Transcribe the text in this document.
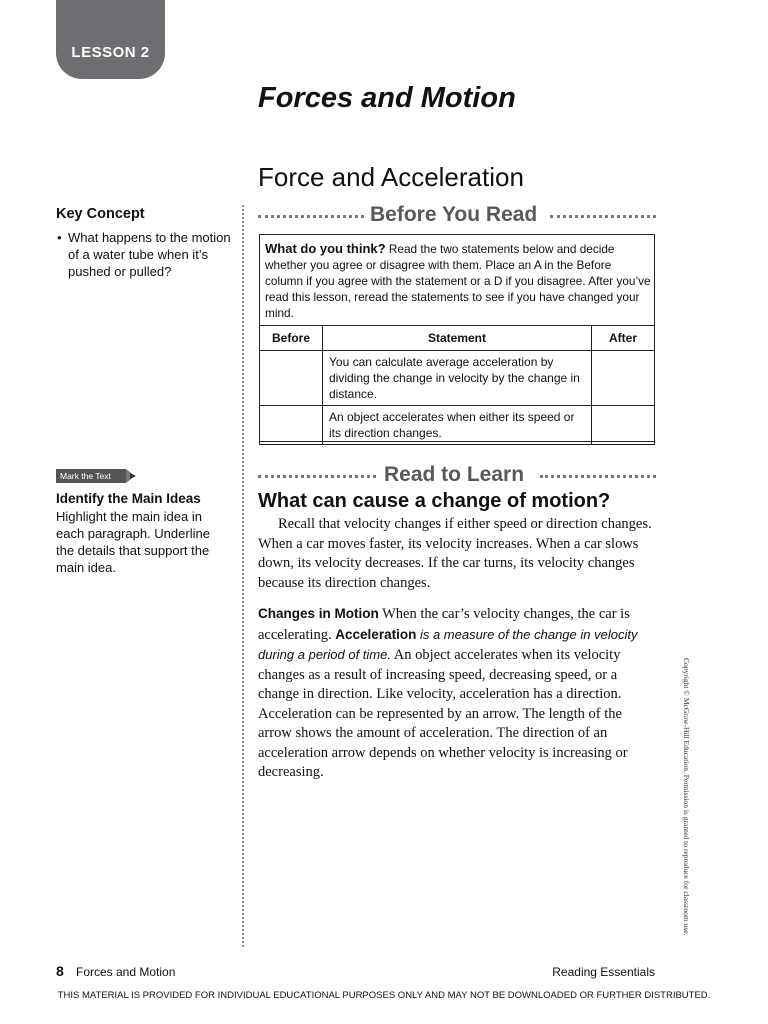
LESSON 2
Forces and Motion
Force and Acceleration
Key Concept
• What happens to the motion of a water tube when it’s pushed or pulled?
Mark the Text
Identify the Main Ideas
Highlight the main idea in each paragraph. Underline the details that support the main idea.
Before You Read
What do you think? Read the two statements below and decide whether you agree or disagree with them. Place an A in the Before column if you agree with the statement or a D if you disagree. After you’ve read this lesson, reread the statements to see if you have changed your mind.
Before	Statement	After
	You can calculate average acceleration by dividing the change in velocity by the change in distance.	
	An object accelerates when either its speed or its direction changes.	
Read to Learn
What can cause a change of motion?

Recall that velocity changes if either speed or direction changes. When a car moves faster, its velocity increases. When a car slows down, its velocity decreases. If the car turns, its velocity changes because its direction changes.

Changes in Motion When the car’s velocity changes, the car is accelerating. Acceleration is a measure of the change in velocity during a period of time. An object accelerates when its velocity changes as a result of increasing speed, decreasing speed, or a change in direction. Like velocity, acceleration has a direction. Acceleration can be represented by an arrow. The length of the arrow shows the amount of acceleration. The direction of an acceleration arrow depends on whether velocity is increasing or decreasing.	Copyright © McGraw-Hill Education. Permission is granted to reproduce for classroom use.
8 Forces and Motion	Reading Essentials
THIS MATERIAL IS PROVIDED FOR INDIVIDUAL EDUCATIONAL PURPOSES ONLY AND MAY NOT BE DOWNLOADED OR FURTHER DISTRIBUTED.
